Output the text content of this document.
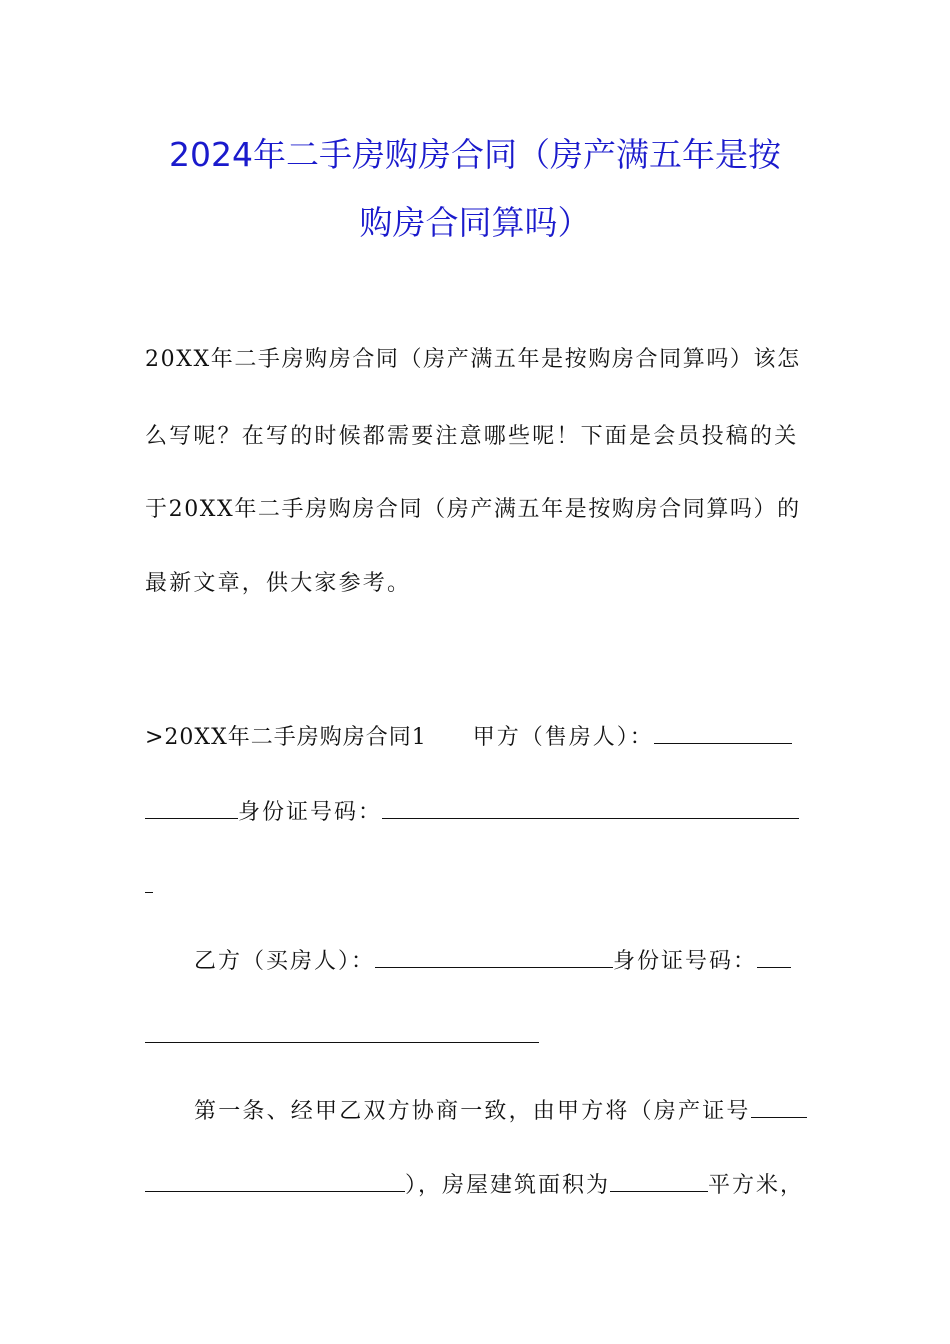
2024年二手房购房合同（房产满五年是按
购房合同算吗）
20XX年二手房购房合同（房产满五年是按购房合同算吗）该怎
么写呢？在写的时候都需要注意哪些呢！下面是会员投稿的关
于20XX年二手房购房合同（房产满五年是按购房合同算吗）的
最新文章，供大家参考。
>20XX年二手房购房合同1 甲方（售房人）：
身份证号码：
乙方（买房人）：	身份证号码：
第一条、经甲乙双方协商一致，由甲方将（房产证号
），房屋建筑面积为	平方米，
